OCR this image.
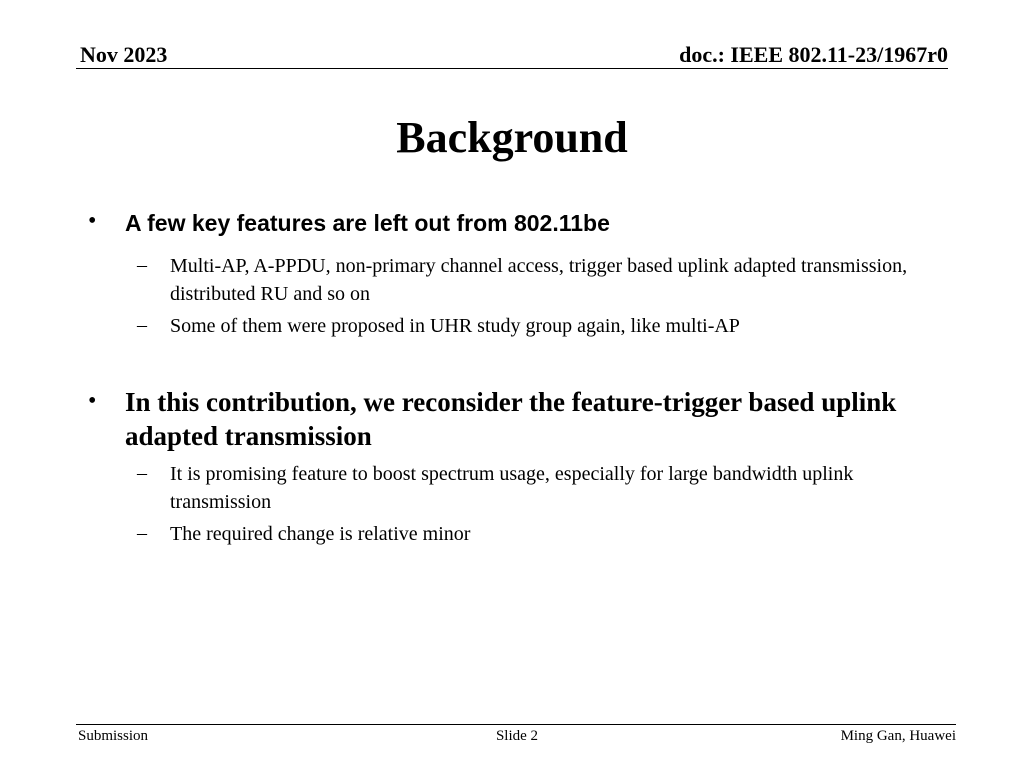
Nov 2023	doc.: IEEE 802.11-23/1967r0
Background
• A few key features are left out from 802.11be
– Multi-AP, A-PPDU, non-primary channel access, trigger based uplink adapted transmission, distributed RU and so on
– Some of them were proposed in UHR study group again, like multi-AP
• In this contribution, we reconsider the feature-trigger based uplink adapted transmission
– It is promising feature to boost spectrum usage, especially for large bandwidth uplink transmission
– The required change is relative minor
Submission	Slide 2	Ming Gan, Huawei
